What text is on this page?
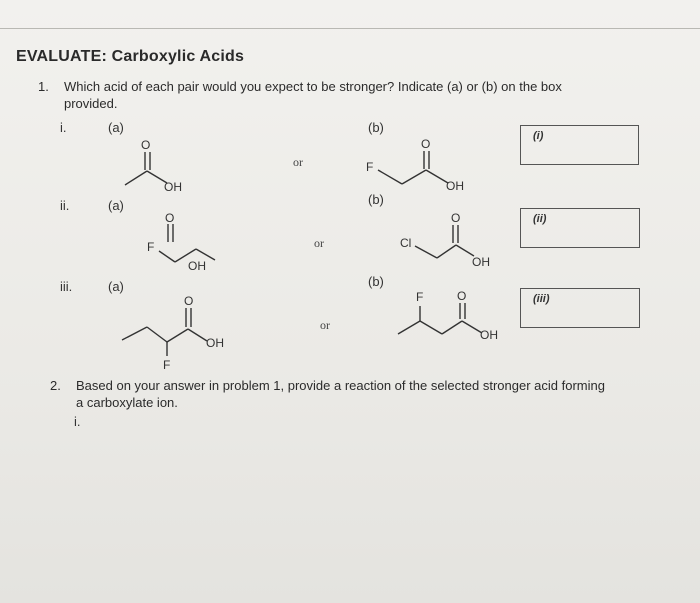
EVALUATE: Carboxylic Acids
1. Which acid of each pair would you expect to be stronger? Indicate (a) or (b) on the box
provided.
i.	(a)	(b)
or
(i)
ii.	(a)	(b)
or
(ii)
iii.	(a)	(b)
or
(iii)
O
OH
F
O
OH
F
O
OH
Cl
O
OH
O
OH
F
F	O
OH
2. Based on your answer in problem 1, provide a reaction of the selected stronger acid forming
a carboxylate ion.
i.
